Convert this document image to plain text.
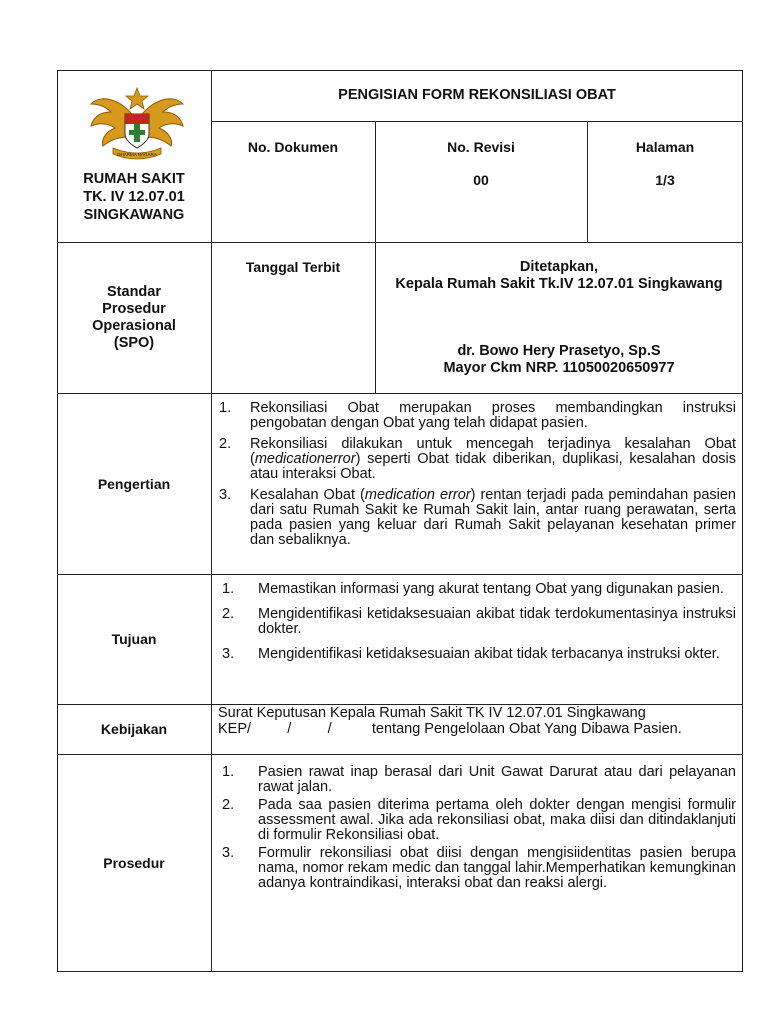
DHARMA NAGARA
RUMAH SAKIT
TK. IV 12.07.01
SINGKAWANG
PENGISIAN FORM REKONSILIASI OBAT
No. Dokumen	No. Revisi
00
Halaman
1/3
Standar
Prosedur
Operasional
(SPO)
Tanggal Terbit	Ditetapkan,
Kepala Rumah Sakit Tk.IV 12.07.01 Singkawang
dr. Bowo Hery Prasetyo, Sp.S
Mayor Ckm NRP. 11050020650977
Pengertian
1. Rekonsiliasi Obat merupakan proses membandingkan instruksi pengobatan dengan Obat yang telah didapat pasien.
2. Rekonsiliasi dilakukan untuk mencegah terjadinya kesalahan Obat (medicationerror) seperti Obat tidak diberikan, duplikasi, kesalahan dosis atau interaksi Obat.
3. Kesalahan Obat (medication error) rentan terjadi pada pemindahan pasien dari satu Rumah Sakit ke Rumah Sakit lain, antar ruang perawatan, serta pada pasien yang keluar dari Rumah Sakit pelayanan kesehatan primer dan sebaliknya.
Tujuan
1. Memastikan informasi yang akurat tentang Obat yang digunakan pasien.
2. Mengidentifikasi ketidaksesuaian akibat tidak terdokumentasinya instruksi dokter.
3. Mengidentifikasi ketidaksesuaian akibat tidak terbacanya instruksi okter.
Kebijakan
Surat Keputusan Kepala Rumah Sakit TK IV 12.07.01 Singkawang
KEP/         /         /          tentang Pengelolaan Obat Yang Dibawa Pasien.
Prosedur
1. Pasien rawat inap berasal dari Unit Gawat Darurat atau dari pelayanan rawat jalan.
2. Pada saa pasien diterima pertama oleh dokter dengan mengisi formulir assessment awal. Jika ada rekonsiliasi obat, maka diisi dan ditindaklanjuti di formulir Rekonsiliasi obat.
3. Formulir rekonsiliasi obat diisi dengan mengisiidentitas pasien berupa nama, nomor rekam medic dan tanggal lahir.Memperhatikan kemungkinan adanya kontraindikasi, interaksi obat dan reaksi alergi.
